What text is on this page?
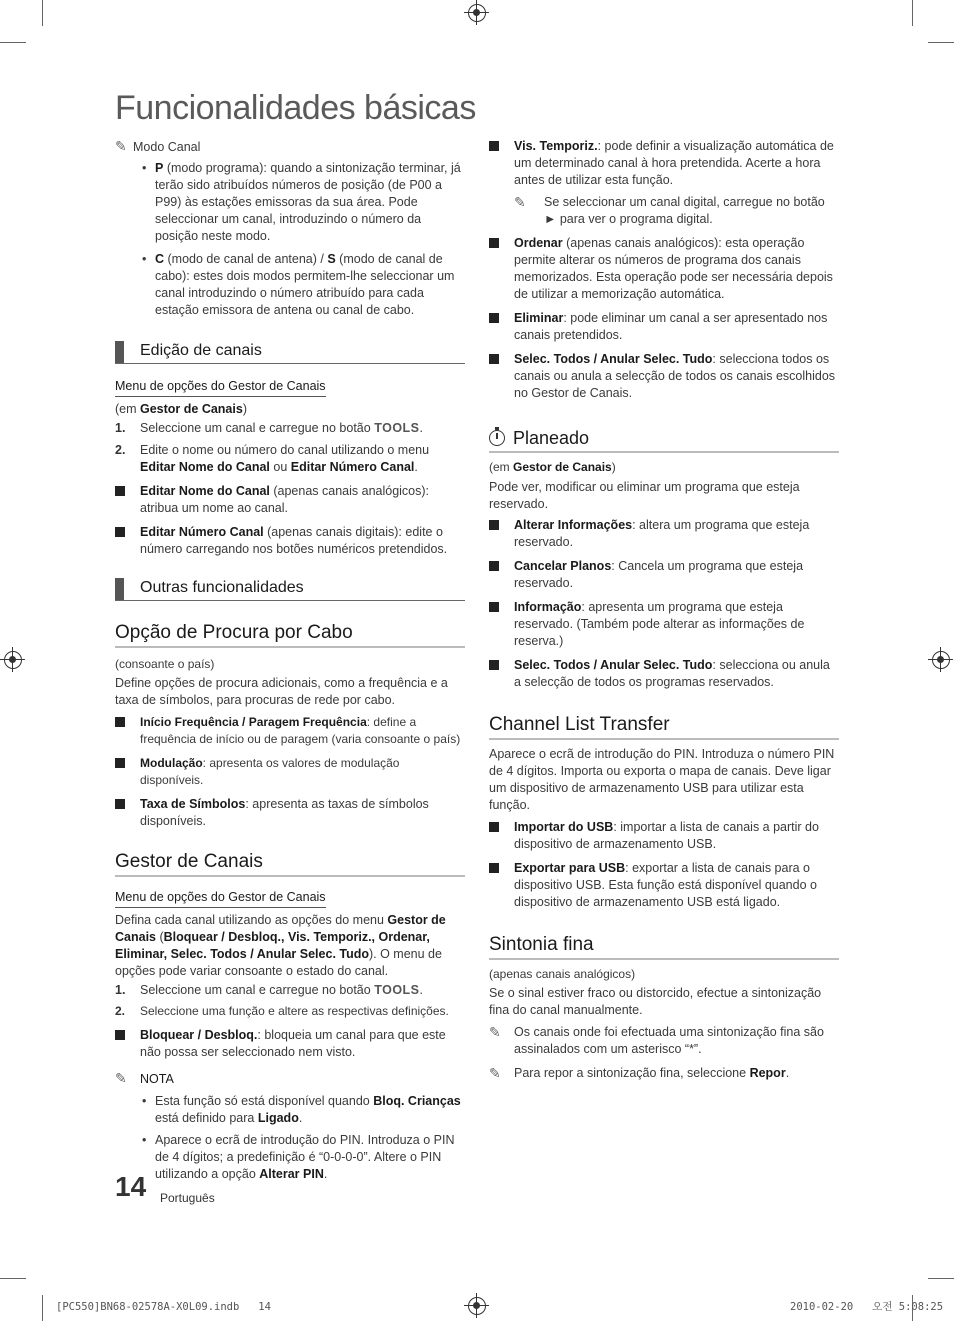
Funcionalidades básicas

✎ Modo Canal

• P (modo programa): quando a sintonização terminar, já terão sido atribuídos números de posição (de P00 a P99) às estações emissoras da sua área. Pode seleccionar um canal, introduzindo o número da posição neste modo.

• C (modo de canal de antena) / S (modo de canal de cabo): estes dois modos permitem-lhe seleccionar um canal introduzindo o número atribuído para cada estação emissora de antena ou canal de cabo.

Edição de canais

Menu de opções do Gestor de Canais

(em Gestor de Canais)

1. Seleccione um canal e carregue no botão TOOLS.

2. Edite o nome ou número do canal utilizando o menu Editar Nome do Canal ou Editar Número Canal.

Editar Nome do Canal (apenas canais analógicos): atribua um nome ao canal.

Editar Número Canal (apenas canais digitais): edite o número carregando nos botões numéricos pretendidos.

Outras funcionalidades
Opção de Procura por Cabo

(consoante o país)

Define opções de procura adicionais, como a frequência e a taxa de símbolos, para procuras de rede por cabo.

Início Frequência / Paragem Frequência: define a frequência de início ou de paragem (varia consoante o país)

Modulação: apresenta os valores de modulação disponíveis.

Taxa de Símbolos: apresenta as taxas de símbolos disponíveis.

Gestor de Canais

Menu de opções do Gestor de Canais

Defina cada canal utilizando as opções do menu Gestor de Canais (Bloquear / Desbloq., Vis. Temporiz., Ordenar, Eliminar, Selec. Todos / Anular Selec. Tudo). O menu de opções pode variar consoante o estado do canal.

1. Seleccione um canal e carregue no botão TOOLS.

2. Seleccione uma função e altere as respectivas definições.

Bloquear / Desbloq.: bloqueia um canal para que este não possa ser seleccionado nem visto.

✎ NOTA

• Esta função só está disponível quando Bloq. Crianças está definido para Ligado.

• Aparece o ecrã de introdução do PIN. Introduza o PIN de 4 dígitos; a predefinição é “0-0-0-0”. Altere o PIN utilizando a opção Alterar PIN.

Vis. Temporiz.: pode definir a visualização automática de um determinado canal à hora pretendida. Acerte a hora antes de utilizar esta função.

✎	Se seleccionar um canal digital, carregue no botão ► para ver o programa digital.

Ordenar (apenas canais analógicos): esta operação permite alterar os números de programa dos canais memorizados. Esta operação pode ser necessária depois de utilizar a memorização automática.

Eliminar: pode eliminar um canal a ser apresentado nos canais pretendidos.

Selec. Todos / Anular Selec. Tudo: selecciona todos os canais ou anula a selecção de todos os canais escolhidos no Gestor de Canais.

Planeado

(em Gestor de Canais)

Pode ver, modificar ou eliminar um programa que esteja reservado.

Alterar Informações: altera um programa que esteja reservado.

Cancelar Planos: Cancela um programa que esteja reservado.

Informação: apresenta um programa que esteja reservado. (Também pode alterar as informações de reserva.)

Selec. Todos / Anular Selec. Tudo: selecciona ou anula a selecção de todos os programas reservados.

Channel List Transfer

Aparece o ecrã de introdução do PIN. Introduza o número PIN de 4 dígitos. Importa ou exporta o mapa de canais. Deve ligar um dispositivo de armazenamento USB para utilizar esta função.

Importar do USB: importar a lista de canais a partir do dispositivo de armazenamento USB.

Exportar para USB: exportar a lista de canais para o dispositivo USB. Esta função está disponível quando o dispositivo de armazenamento USB está ligado.

Sintonia fina

(apenas canais analógicos)

Se o sinal estiver fraco ou distorcido, efectue a sintonização fina do canal manualmente.

✎	Os canais onde foi efectuada uma sintonização fina são assinalados com um asterisco “*”.

✎	Para repor a sintonização fina, seleccione Repor.

14 Português
[PC550]BN68-02578A-X0L09.indb   14	2010-02-20   오전 5:08:25
